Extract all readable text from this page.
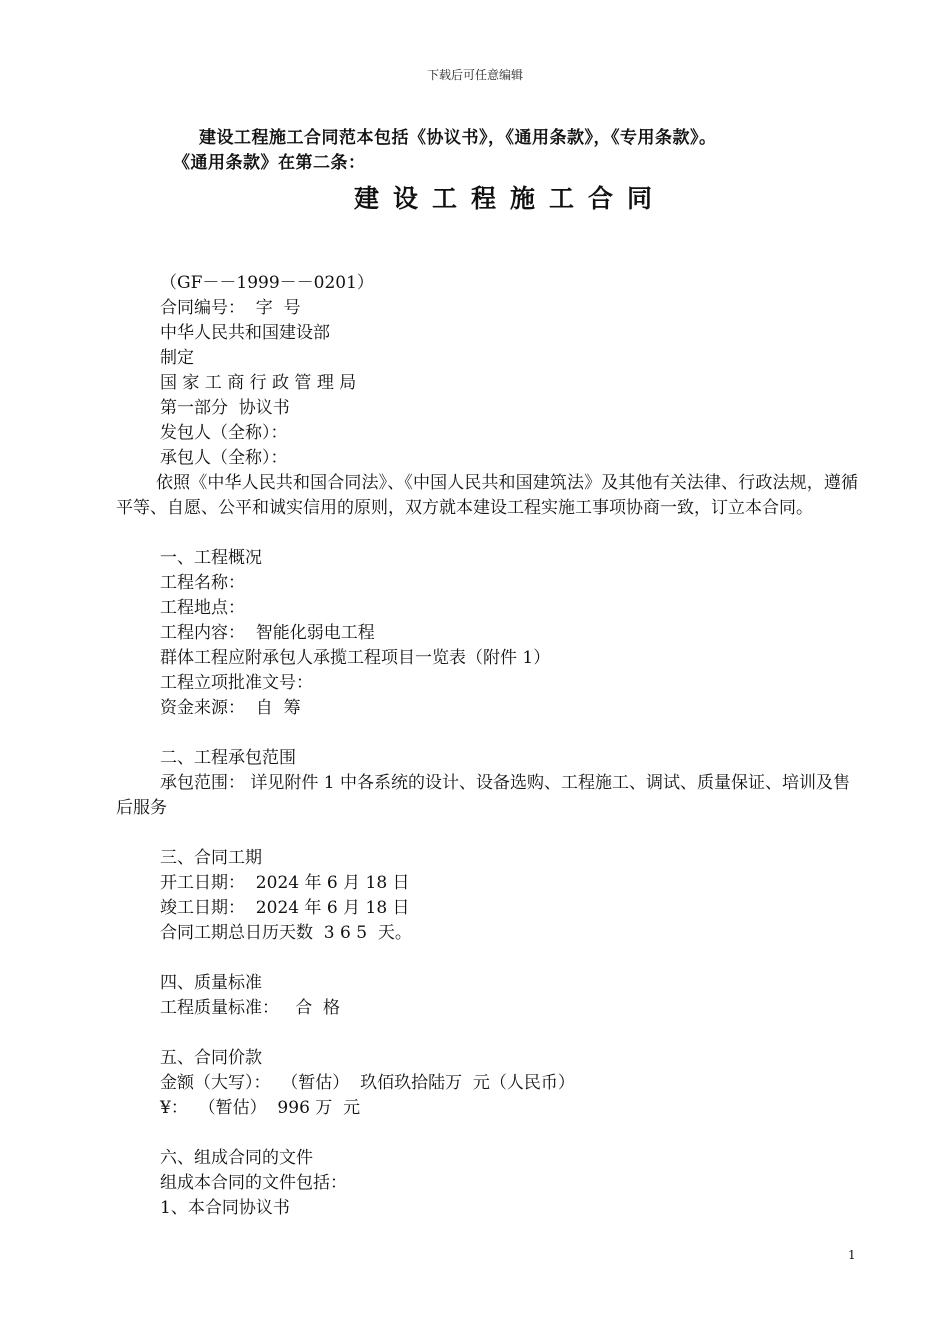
下载后可任意编辑
建设工程施工合同范本包括《协议书》，《通用条款》，《专用条款》。
《通用条款》在第二条：
建设工程施工合同
（GF－－1999－－0201）
合同编号：  字  号
中华人民共和国建设部
制定
国 家 工 商 行 政 管 理 局
第一部分  协议书
发包人（全称）：
承包人（全称）：
依照《中华人民共和国合同法》、《中国人民共和国建筑法》及其他有关法律、行政法规，遵循平等、自愿、公平和诚实信用的原则，双方就本建设工程实施工事项协商一致，订立本合同。
一、工程概况
工程名称：
工程地点：
工程内容：  智能化弱电工程
群体工程应附承包人承揽工程项目一览表（附件 1）
工程立项批准文号：
资金来源：  自  筹
二、工程承包范围
承包范围： 详见附件 1 中各系统的设计、设备选购、工程施工、调试、质量保证、培训及售后服务
三、合同工期
开工日期：  2024 年 6 月 18 日
竣工日期：  2024 年 6 月 18 日
合同工期总日历天数  3 6 5  天。
四、质量标准
工程质量标准：   合  格
五、合同价款
金额（大写）：  （暂估）  玖佰玖拾陆万  元（人民币）
¥：  （暂估）  996 万  元
六、组成合同的文件
组成本合同的文件包括：
1、本合同协议书
1
